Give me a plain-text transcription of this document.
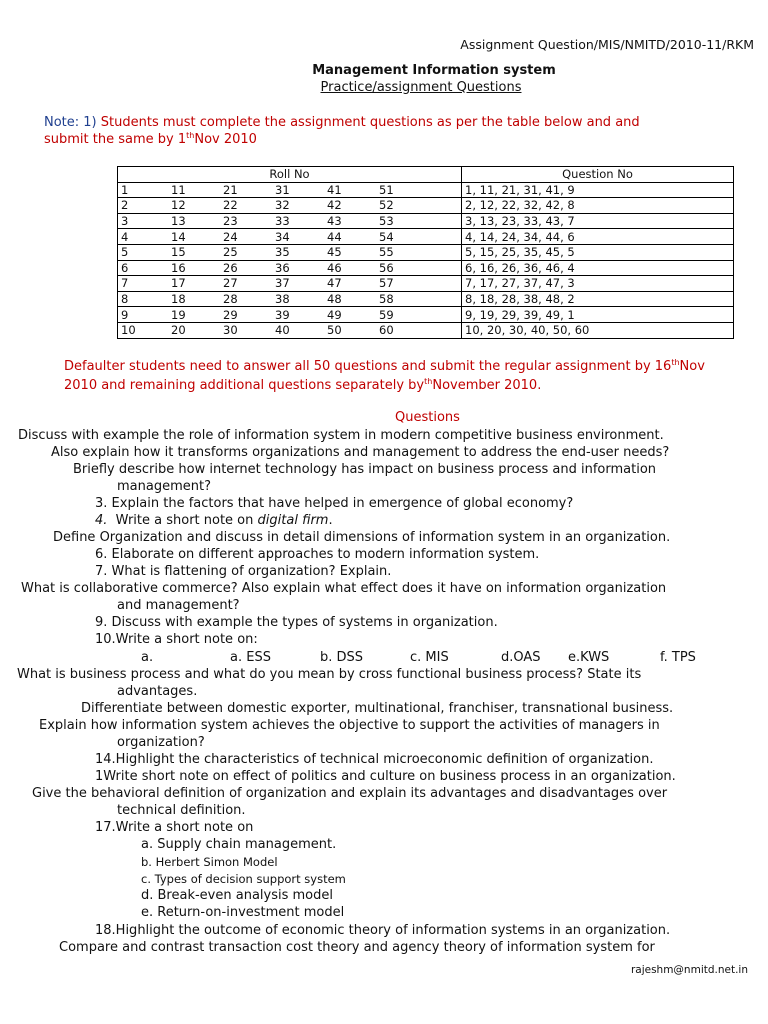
Assignment Question/MIS/NMITD/2010-11/RKM
Management Information system
Practice/assignment Questions
Note: 1) Students must complete the assignment questions as per the table below and and
submit the same by 1thNov 2010
Roll No	Question No
1 11 21 31 41 51	1, 11, 21, 31, 41, 9
2 12 22 32 42 52	2, 12, 22, 32, 42, 8
3 13 23 33 43 53	3, 13, 23, 33, 43, 7
4 14 24 34 44 54	4, 14, 24, 34, 44, 6
5 15 25 35 45 55	5, 15, 25, 35, 45, 5
6 16 26 36 46 56	6, 16, 26, 36, 46, 4
7 17 27 37 47 57	7, 17, 27, 37, 47, 3
8 18 28 38 48 58	8, 18, 28, 38, 48, 2
9 19 29 39 49 59	9, 19, 29, 39, 49, 1
10 20 30 40 50 60	10, 20, 30, 40, 50, 60
Defaulter students need to answer all 50 questions and submit the regular assignment by 16thNov
2010 and remaining additional questions separately $by^{th}November$ 2010.
Questions
Discuss with example the role of information system in modern competitive business environment.
Also explain how it transforms organizations and management to address the end-user needs?
Briefly describe how internet technology has impact on business process and information
management?
3. Explain the factors that have helped in emergence of global economy?
4. Write a short note on digital firm.
Define Organization and discuss in detail dimensions of information system in an organization.
6. Elaborate on different approaches to modern information system.
7. What is flattening of organization? Explain.
What is collaborative commerce? Also explain what effect does it have on information organization
and management?
9. Discuss with example the types of systems in organization.
10.Write a short note on:
a.	a. ESS	b. DSS	c. MIS	d.OAS e.KWS	f. TPS
What is business process and what do you mean by cross functional business process? State its
advantages.
Differentiate between domestic exporter, multinational, franchiser, transnational business.
Explain how information system achieves the objective to support the activities of managers in
organization?
14.Highlight the characteristics of technical microeconomic definition of organization.
1Write short note on effect of politics and culture on business process in an organization.
Give the behavioral definition of organization and explain its advantages and disadvantages over
technical definition.
17.Write a short note on
a. Supply chain management.
b. Herbert Simon Model
c. Types of decision support system
d. Break-even analysis model
e. Return-on-investment model
18.Highlight the outcome of economic theory of information systems in an organization.
Compare and contrast transaction cost theory and agency theory of information system for
rajeshm@nmitd.net.in
